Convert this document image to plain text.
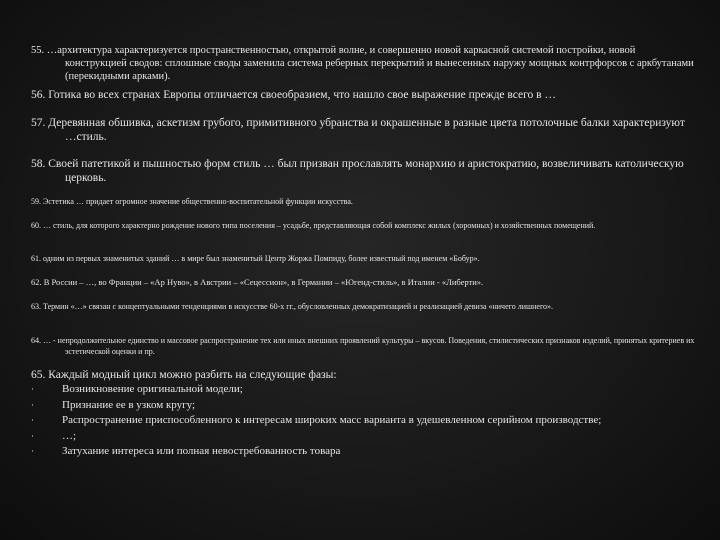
55. …архитектура характеризуется пространственностью, открытой волне, и совершенно новой каркасной системой постройки, новой конструкцией сводов: сплошные своды заменила система реберных перекрытий и вынесенных наружу мощных контрфорсов с аркбутанами (перекидными арками).
56. Готика во всех странах Европы отличается своеобразием, что нашло свое выражение прежде всего в …
57. Деревянная обшивка, аскетизм грубого, примитивного убранства и окрашенные в разные цвета потолочные балки характеризуют …стиль.
58. Своей патетикой и пышностью форм стиль … был призван прославлять монархию и аристократию, возвеличивать католическую церковь.
59. Эстетика … придает огромное значение общественно-воспитательной функции искусства.
60. … стиль, для которого характерно рождение нового типа поселения – усадьбе, представляющая собой комплекс жилых (хоромных) и хозяйственных помещений.
61. одним из первых знаменитых зданий … в мире был знаменитый Центр Жоржа Помпиду, более известный под именем «Бобур».
62. В России – …, во Франции – «Ар Нуво», в Австрии – «Сецессион», в Германии – «Югенд-стиль», в Италии - «Либерти».
63. Термин «…» связан с концептуальными тенденциями в искусстве 60-х гг., обусловленных демократизацией и реализацией девиза «ничего лишнего».
64. … - непродолжительное единство и массовое распространение тех или иных внешних проявлений культуры – вкусов. Поведения, стилистических признаков изделий, принятых критериев их эстетической оценки и пр.
65. Каждый модный цикл можно разбить на следующие фазы:
·	Возникновение оригинальной модели;
·	Признание ее в узком кругу;
·	Распространение приспособленного к интересам широких масс варианта в удешевленном серийном производстве;
·	…;
·	Затухание интереса или полная невостребованность товара
